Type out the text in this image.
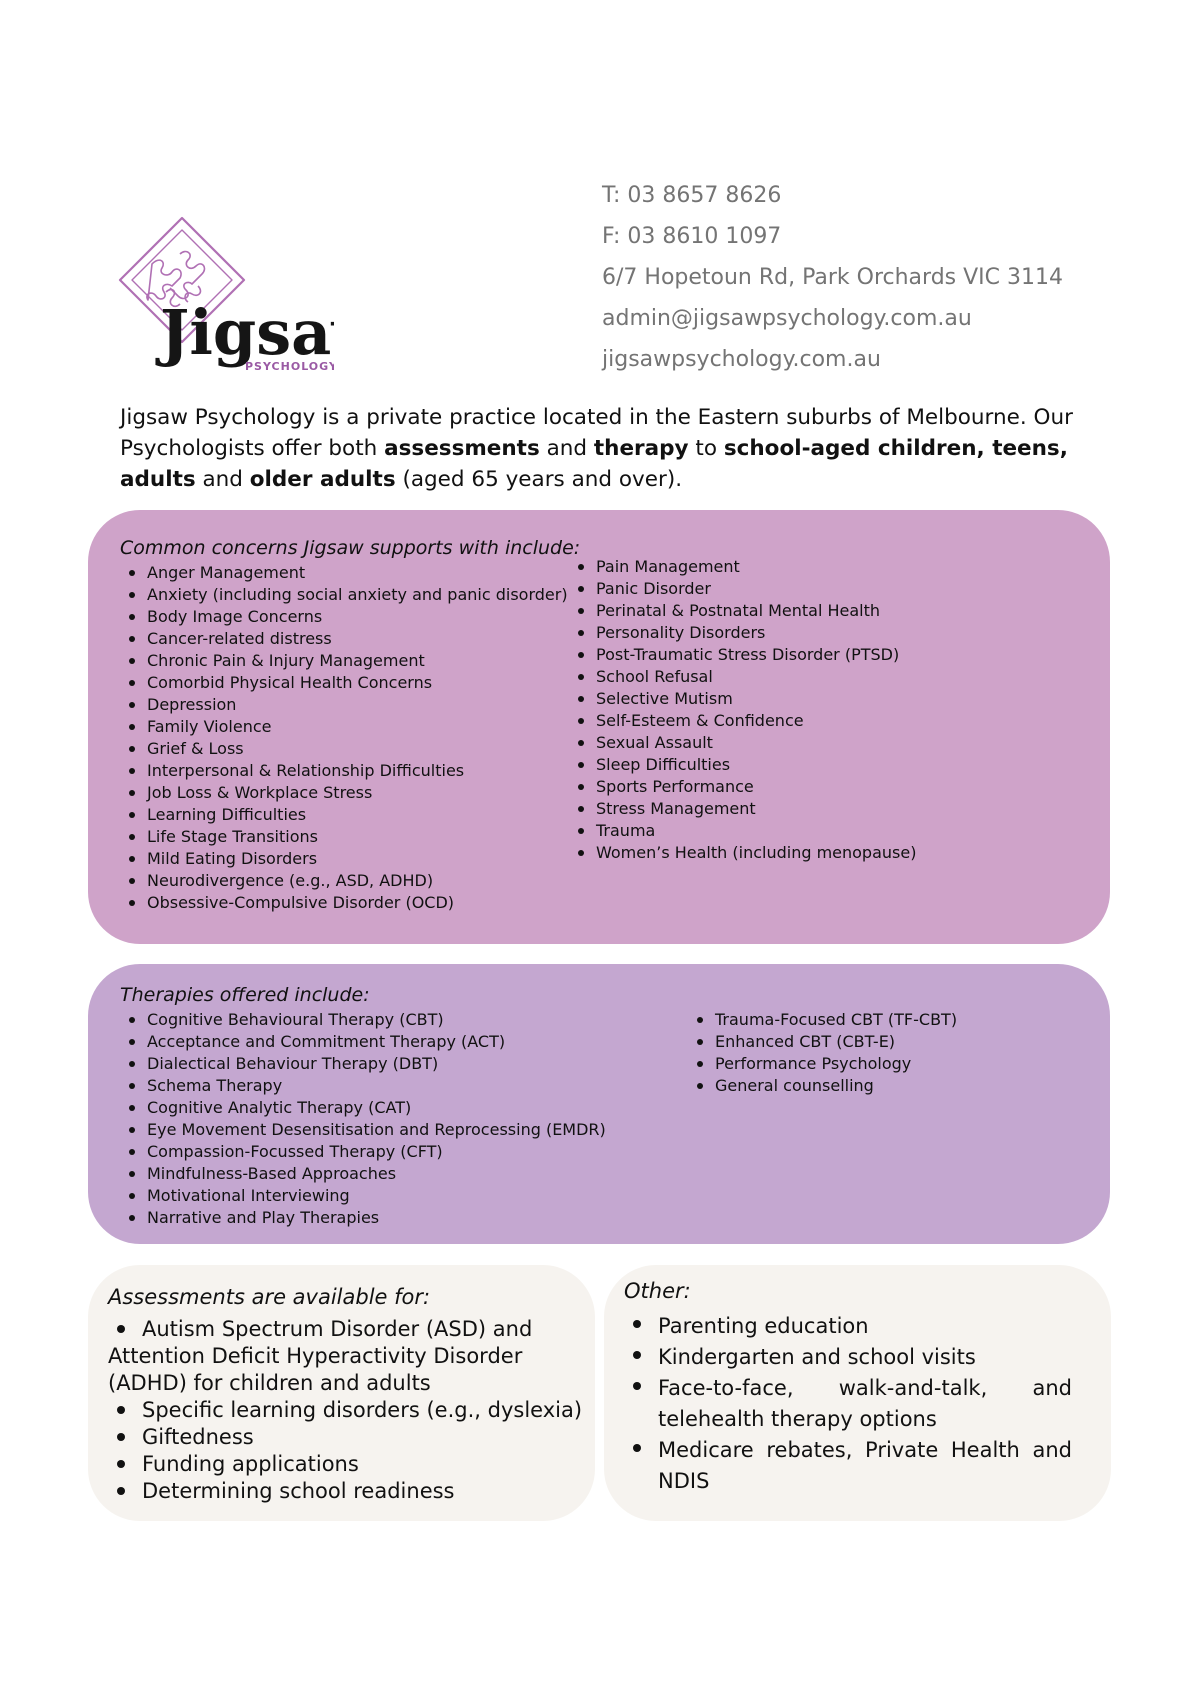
Jigsa
PSYCHOLOGY
T: 03 8657 8626
F: 03 8610 1097
6/7 Hopetoun Rd, Park Orchards VIC 3114
admin@jigsawpsychology.com.au
jigsawpsychology.com.au
Jigsaw Psychology is a private practice located in the Eastern suburbs of Melbourne. Our Psychologists offer both assessments and therapy to school-aged children, teens, adults and older adults (aged 65 years and over).
Common concerns Jigsaw supports with include:
Anger Management
Anxiety (including social anxiety and panic disorder)
Body Image Concerns
Cancer-related distress
Chronic Pain & Injury Management
Comorbid Physical Health Concerns
Depression
Family Violence
Grief & Loss
Interpersonal & Relationship Difficulties
Job Loss & Workplace Stress
Learning Difficulties
Life Stage Transitions
Mild Eating Disorders
Neurodivergence (e.g., ASD, ADHD)
Obsessive-Compulsive Disorder (OCD)
Pain Management
Panic Disorder
Perinatal & Postnatal Mental Health
Personality Disorders
Post-Traumatic Stress Disorder (PTSD)
School Refusal
Selective Mutism
Self-Esteem & Confidence
Sexual Assault
Sleep Difficulties
Sports Performance
Stress Management
Trauma
Women’s Health (including menopause)
Therapies offered include:
Cognitive Behavioural Therapy (CBT)
Acceptance and Commitment Therapy (ACT)
Dialectical Behaviour Therapy (DBT)
Schema Therapy
Cognitive Analytic Therapy (CAT)
Eye Movement Desensitisation and Reprocessing (EMDR)
Compassion-Focussed Therapy (CFT)
Mindfulness-Based Approaches
Motivational Interviewing
Narrative and Play Therapies
Trauma-Focused CBT (TF-CBT)
Enhanced CBT (CBT-E)
Performance Psychology
General counselling
Assessments are available for:
Autism Spectrum Disorder (ASD) and Attention Deficit Hyperactivity Disorder (ADHD) for children and adults
Specific learning disorders (e.g., dyslexia)
Giftedness
Funding applications
Determining school readiness
Other:
Parenting education
Kindergarten and school visits
Face-to-face, walk-and-talk, and telehealth therapy options
Medicare rebates, Private Health and NDIS
